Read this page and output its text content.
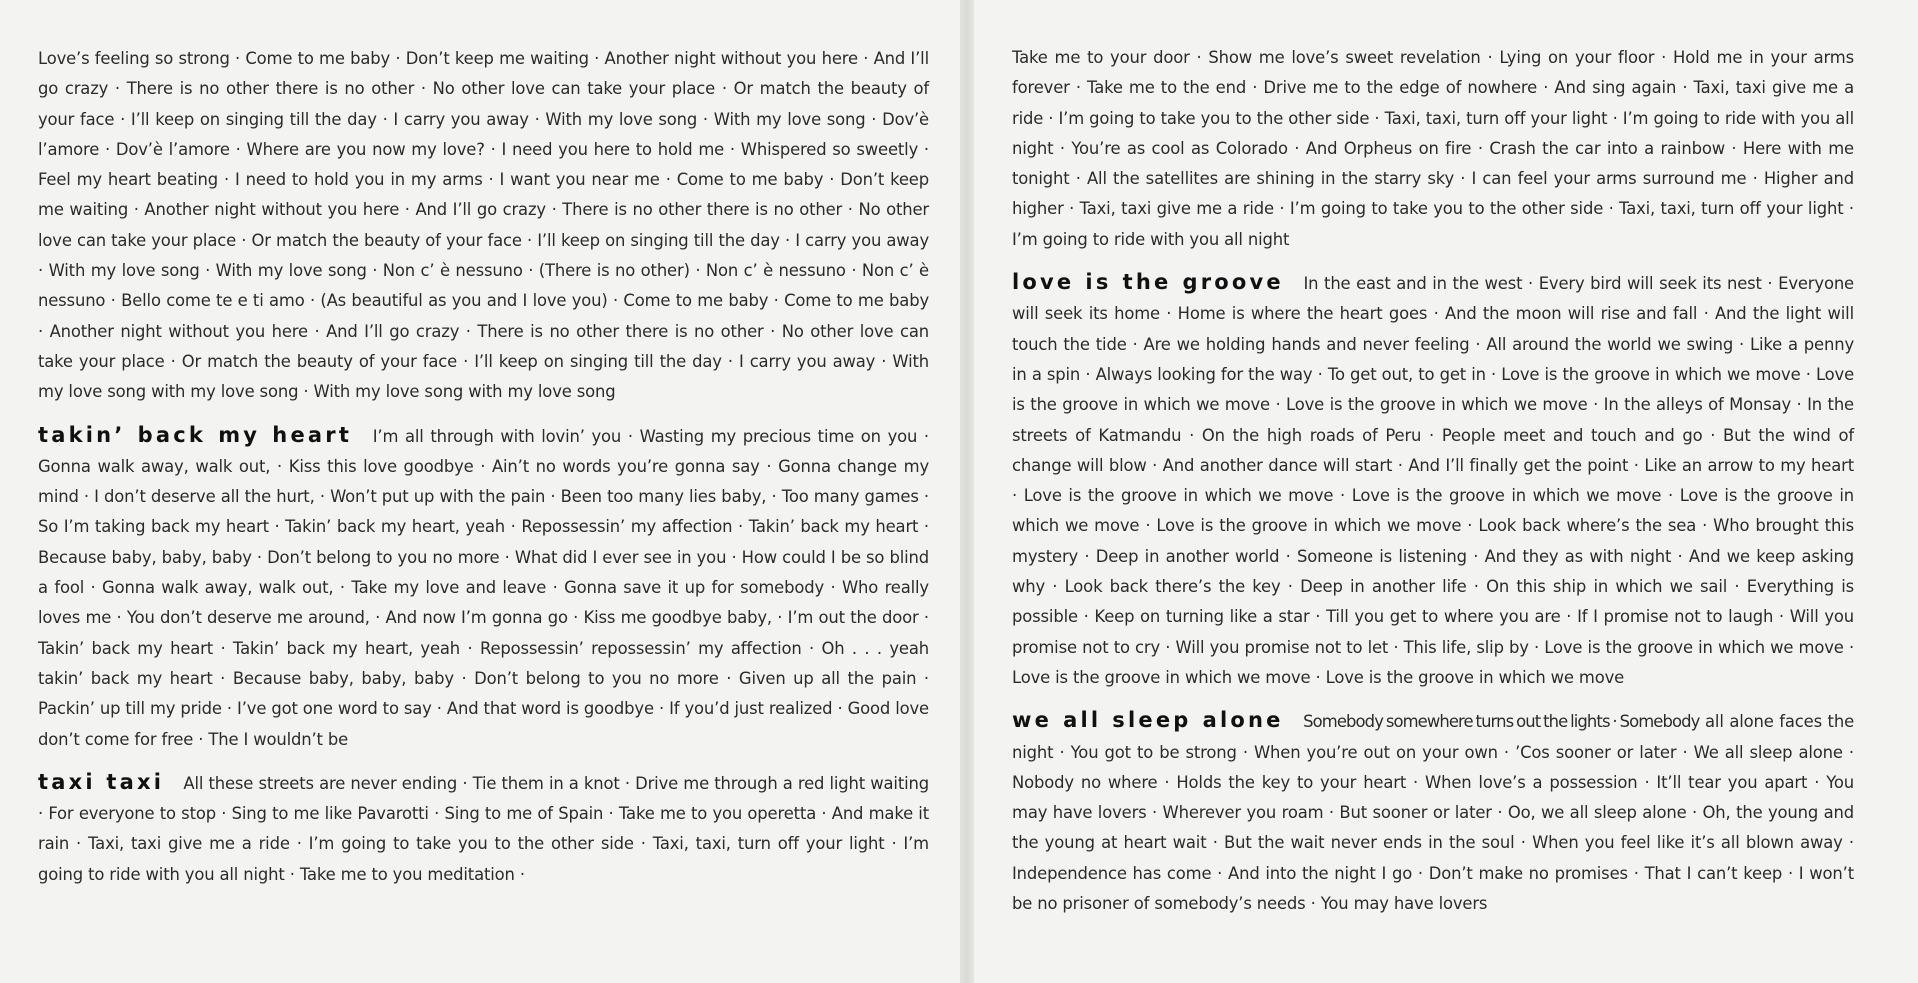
Love’s feeling so strong · Come to me baby · Don’t keep me waiting · Another night without you here · And I’ll go crazy · There is no other there is no other · No other love can take your place · Or match the beauty of your face · I’ll keep on singing till the day · I carry you away · With my love song · With my love song · Dov’è l’amore · Dov’è l’amore · Where are you now my love? · I need you here to hold me · Whispered so sweetly · Feel my heart beating · I need to hold you in my arms · I want you near me · Come to me baby · Don’t keep me waiting · Another night without you here · And I’ll go crazy · There is no other there is no other · No other love can take your place · Or match the beauty of your face · I’ll keep on singing till the day · I carry you away · With my love song · With my love song · Non c’ è nessuno · (There is no other) · Non c’ è nessuno · Non c’ è nessuno · Bello come te e ti amo · (As beautiful as you and I love you) · Come to me baby · Come to me baby · Another night without you here · And I’ll go crazy · There is no other there is no other · No other love can take your place · Or match the beauty of your face · I’ll keep on singing till the day · I carry you away · With my love song with my love song · With my love song with my love song

takin’ back my heart I’m all through with lovin’ you · Wasting my precious time on you · Gonna walk away, walk out, · Kiss this love goodbye · Ain’t no words you’re gonna say · Gonna change my mind · I don’t deserve all the hurt, · Won’t put up with the pain · Been too many lies baby, · Too many games · So I’m taking back my heart · Takin’ back my heart, yeah · Repossessin’ my affection · Takin’ back my heart · Because baby, baby, baby · Don’t belong to you no more · What did I ever see in you · How could I be so blind a fool · Gonna walk away, walk out, · Take my love and leave · Gonna save it up for somebody · Who really loves me · You don’t deserve me around, · And now I’m gonna go · Kiss me goodbye baby, · I’m out the door · Takin’ back my heart · Takin’ back my heart, yeah · Repossessin’ repossessin’ my affection · Oh . . . yeah takin’ back my heart · Because baby, baby, baby · Don’t belong to you no more · Given up all the pain · Packin’ up till my pride · I’ve got one word to say · And that word is goodbye · If you’d just realized · Good love don’t come for free · The I wouldn’t be

taxi taxi All these streets are never ending · Tie them in a knot · Drive me through a red light waiting · For everyone to stop · Sing to me like Pavarotti · Sing to me of Spain · Take me to you operetta · And make it rain · Taxi, taxi give me a ride · I’m going to take you to the other side · Taxi, taxi, turn off your light · I’m going to ride with you all night · Take me to you meditation ·

Take me to your door · Show me love’s sweet revelation · Lying on your floor · Hold me in your arms forever · Take me to the end · Drive me to the edge of nowhere · And sing again · Taxi, taxi give me a ride · I’m going to take you to the other side · Taxi, taxi, turn off your light · I’m going to ride with you all night · You’re as cool as Colorado · And Orpheus on fire · Crash the car into a rainbow · Here with me tonight · All the satellites are shining in the starry sky · I can feel your arms surround me · Higher and higher · Taxi, taxi give me a ride · I’m going to take you to the other side · Taxi, taxi, turn off your light · I’m going to ride with you all night

love is the groove In the east and in the west · Every bird will seek its nest · Everyone will seek its home · Home is where the heart goes · And the moon will rise and fall · And the light will touch the tide · Are we holding hands and never feeling · All around the world we swing · Like a penny in a spin · Always looking for the way · To get out, to get in · Love is the groove in which we move · Love is the groove in which we move · Love is the groove in which we move · In the alleys of Monsay · In the streets of Katmandu · On the high roads of Peru · People meet and touch and go · But the wind of change will blow · And another dance will start · And I’ll finally get the point · Like an arrow to my heart · Love is the groove in which we move · Love is the groove in which we move · Love is the groove in which we move · Love is the groove in which we move · Look back where’s the sea · Who brought this mystery · Deep in another world · Someone is listening · And they as with night · And we keep asking why · Look back there’s the key · Deep in another life · On this ship in which we sail · Everything is possible · Keep on turning like a star · Till you get to where you are · If I promise not to laugh · Will you promise not to cry · Will you promise not to let · This life, slip by · Love is the groove in which we move · Love is the groove in which we move · Love is the groove in which we move

we all sleep alone Somebody somewhere turns out the lights · Somebody all alone faces the night · You got to be strong · When you’re out on your own · ’Cos sooner or later · We all sleep alone · Nobody no where · Holds the key to your heart · When love’s a possession · It’ll tear you apart · You may have lovers · Wherever you roam · But sooner or later · Oo, we all sleep alone · Oh, the young and the young at heart wait · But the wait never ends in the soul · When you feel like it’s all blown away · Independence has come · And into the night I go · Don’t make no promises · That I can’t keep · I won’t be no prisoner of somebody’s needs · You may have lovers
